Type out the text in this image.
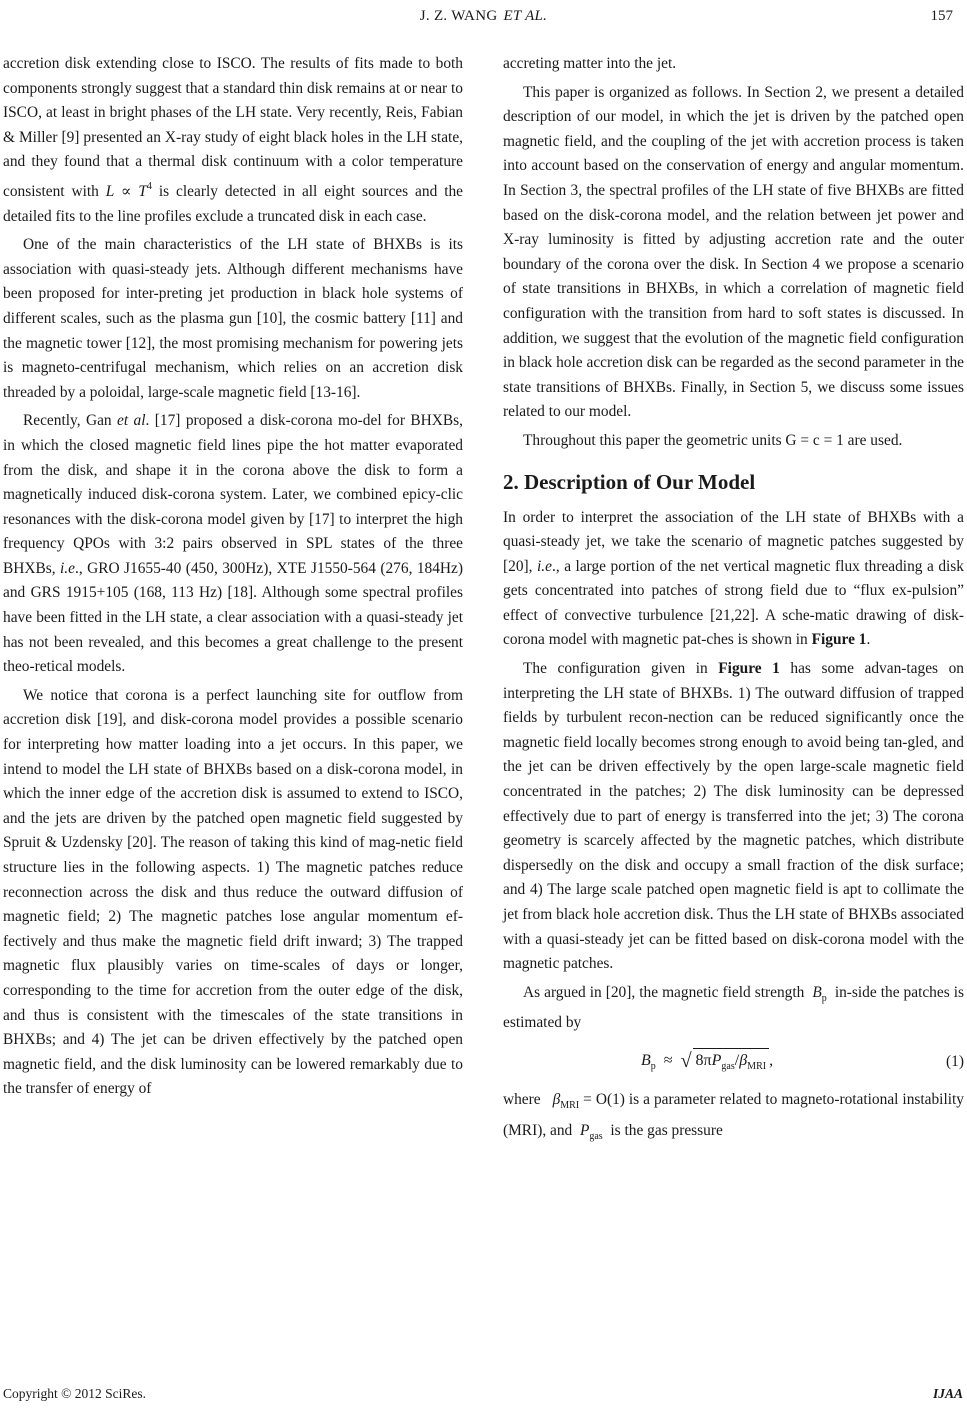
J. Z. WANG ET AL.	157

accretion disk extending close to ISCO. The results of fits made to both components strongly suggest that a standard thin disk remains at or near to ISCO, at least in bright phases of the LH state. Very recently, Reis, Fabian & Miller [9] presented an X-ray study of eight black holes in the LH state, and they found that a thermal disk continuum with a color temperature consistent with $L \propto T^4$ is clearly detected in all eight sources and the detailed fits to the line profiles exclude a truncated disk in each case.

One of the main characteristics of the LH state of BHXBs is its association with quasi-steady jets. Although different mechanisms have been proposed for inter-preting jet production in black hole systems of different scales, such as the plasma gun [10], the cosmic battery [11] and the magnetic tower [12], the most promising mechanism for powering jets is magneto-centrifugal mechanism, which relies on an accretion disk threaded by a poloidal, large-scale magnetic field [13-16].

Recently, Gan et al. [17] proposed a disk-corona mo-del for BHXBs, in which the closed magnetic field lines pipe the hot matter evaporated from the disk, and shape it in the corona above the disk to form a magnetically induced disk-corona system. Later, we combined epicy-clic resonances with the disk-corona model given by [17] to interpret the high frequency QPOs with 3:2 pairs observed in SPL states of the three BHXBs, i.e., GRO J1655-40 (450, 300Hz), XTE J1550-564 (276, 184Hz) and GRS 1915+105 (168, 113 Hz) [18]. Although some spectral profiles have been fitted in the LH state, a clear association with a quasi-steady jet has not been revealed, and this becomes a great challenge to the present theo-retical models.

We notice that corona is a perfect launching site for outflow from accretion disk [19], and disk-corona model provides a possible scenario for interpreting how matter loading into a jet occurs. In this paper, we intend to model the LH state of BHXBs based on a disk-corona model, in which the inner edge of the accretion disk is assumed to extend to ISCO, and the jets are driven by the patched open magnetic field suggested by Spruit & Uzdensky [20]. The reason of taking this kind of mag-netic field structure lies in the following aspects. 1) The magnetic patches reduce reconnection across the disk and thus reduce the outward diffusion of magnetic field; 2) The magnetic patches lose angular momentum ef-fectively and thus make the magnetic field drift inward; 3) The trapped magnetic flux plausibly varies on time-scales of days or longer, corresponding to the time for accretion from the outer edge of the disk, and thus is consistent with the timescales of the state transitions in BHXBs; and 4) The jet can be driven effectively by the patched open magnetic field, and the disk luminosity can be lowered remarkably due to the transfer of energy of

accreting matter into the jet.

This paper is organized as follows. In Section 2, we present a detailed description of our model, in which the jet is driven by the patched open magnetic field, and the coupling of the jet with accretion process is taken into account based on the conservation of energy and angular momentum. In Section 3, the spectral profiles of the LH state of five BHXBs are fitted based on the disk-corona model, and the relation between jet power and X-ray luminosity is fitted by adjusting accretion rate and the outer boundary of the corona over the disk. In Section 4 we propose a scenario of state transitions in BHXBs, in which a correlation of magnetic field configuration with the transition from hard to soft states is discussed. In addition, we suggest that the evolution of the magnetic field configuration in black hole accretion disk can be regarded as the second parameter in the state transitions of BHXBs. Finally, in Section 5, we discuss some issues related to our model.

Throughout this paper the geometric units G = c = 1 are used.

2. Description of Our Model

In order to interpret the association of the LH state of BHXBs with a quasi-steady jet, we take the scenario of magnetic patches suggested by [20], i.e., a large portion of the net vertical magnetic flux threading a disk gets concentrated into patches of strong field due to “flux ex-pulsion” effect of convective turbulence [21,22]. A sche-matic drawing of disk-corona model with magnetic pat-ches is shown in Figure 1.

The configuration given in Figure 1 has some advan-tages on interpreting the LH state of BHXBs. 1) The outward diffusion of trapped fields by turbulent recon-nection can be reduced significantly once the magnetic field locally becomes strong enough to avoid being tan-gled, and the jet can be driven effectively by the open large-scale magnetic field concentrated in the patches; 2) The disk luminosity can be depressed effectively due to part of energy is transferred into the jet; 3) The corona geometry is scarcely affected by the magnetic patches, which distribute dispersedly on the disk and occupy a small fraction of the disk surface; and 4) The large scale patched open magnetic field is apt to collimate the jet from black hole accretion disk. Thus the LH state of BHXBs associated with a quasi-steady jet can be fitted based on disk-corona model with the magnetic patches.

As argued in [20], the magnetic field strength $B_p$ in-side the patches is estimated by

$B_p$ ≈ √ $8\pi P_{gas}/\beta_{MRI}$ ,	(1)

where $\beta_{MRI} = O(1)$ is a parameter related to magneto-rotational instability (MRI), and $P_{gas}$ is the gas pressure

Copyright © 2012 SciRes.	IJAA
